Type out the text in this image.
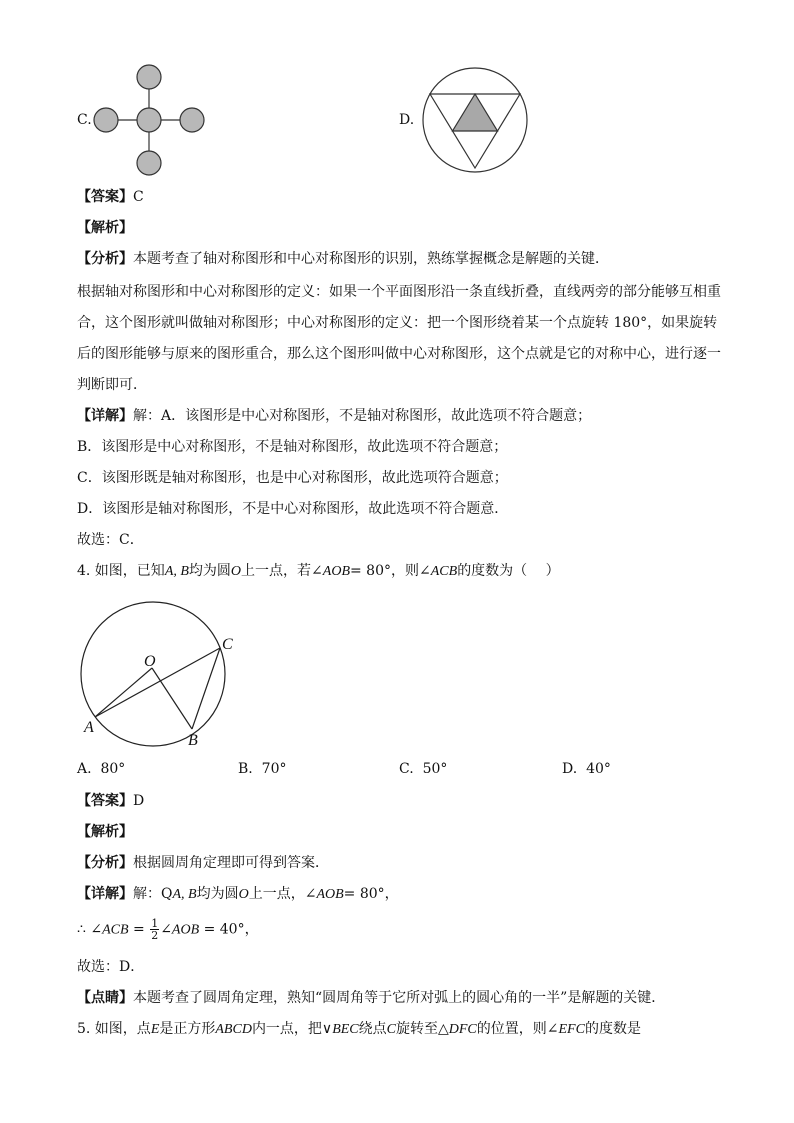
C.	D.
【答案】C
【解析】
【分析】本题考查了轴对称图形和中心对称图形的识别，熟练掌握概念是解题的关键．
根据轴对称图形和中心对称图形的定义：如果一个平面图形沿一条直线折叠，直线两旁的部分能够互相重
合，这个图形就叫做轴对称图形；中心对称图形的定义：把一个图形绕着某一个点旋转 180°，如果旋转
后的图形能够与原来的图形重合，那么这个图形叫做中心对称图形，这个点就是它的对称中心，进行逐一
判断即可．
【详解】解：A．该图形是中心对称图形，不是轴对称图形，故此选项不符合题意；
B．该图形是中心对称图形，不是轴对称图形，故此选项不符合题意；
C．该图形既是轴对称图形，也是中心对称图形，故此选项符合题意；
D．该图形是轴对称图形，不是中心对称图形，故此选项不符合题意．
故选：C．
4. 如图，已知A, B均为圆O上一点，若∠AOB= 80°，则∠ACB的度数为（　 ）
O
A
B
C
A. 80°	B. 70°	C. 50°	D. 40°
【答案】D
【解析】
【分析】根据圆周角定理即可得到答案．
【详解】解：QA, B均为圆O上一点，∠AOB= 80°，
∴ ∠ACB = $\frac{1}{2}$ ∠AOB = 40°，
故选：D．
【点睛】本题考查了圆周角定理，熟知“圆周角等于它所对弧上的圆心角的一半”是解题的关键．
5. 如图，点E是正方形ABCD内一点，把∨BEC绕点C旋转至△DFC的位置，则∠EFC的度数是
